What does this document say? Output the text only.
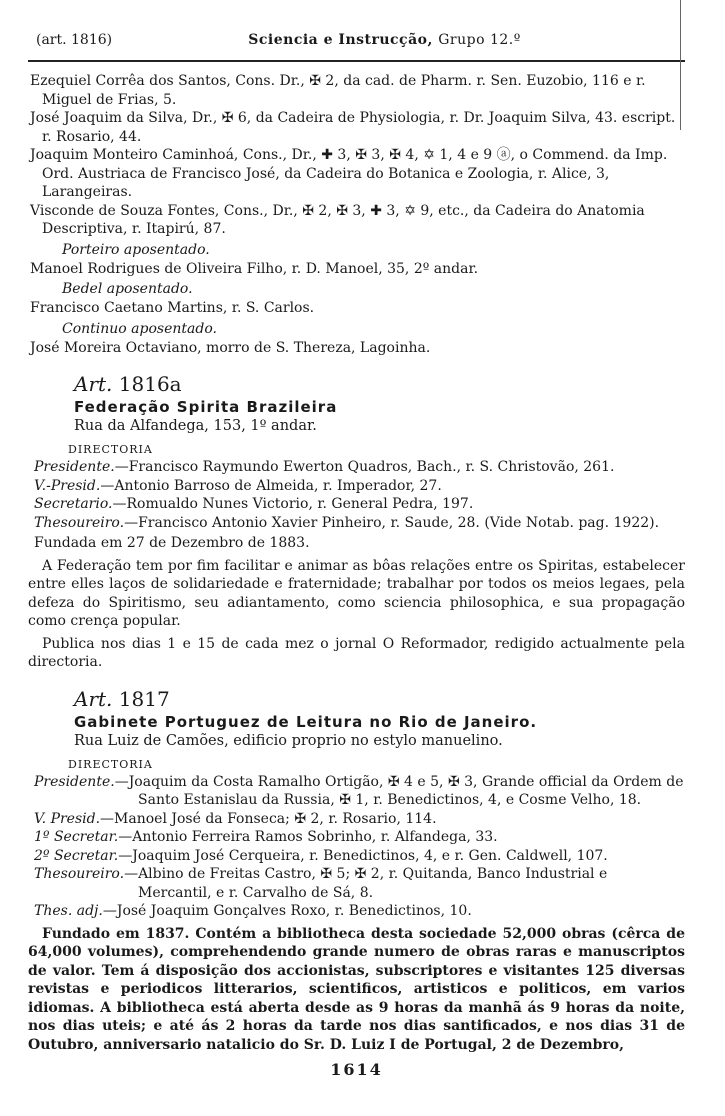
(art. 1816)	Sciencia e Instrucção, Grupo 12.º

Ezequiel Corrêa dos Santos, Cons. Dr., ✠ 2, da cad. de Pharm. r. Sen. Euzobio, 116 e r. Miguel de Frias, 5.

José Joaquim da Silva, Dr., ✠ 6, da Cadeira de Physiologia, r. Dr. Joaquim Silva, 43. escript. r. Rosario, 44.

Joaquim Monteiro Caminhoá, Cons., Dr., ✚ 3, ✠ 3, ✠ 4, ✡ 1, 4 e 9 ⓐ, o Commend. da Imp. Ord. Austriaca de Francisco José, da Cadeira do Botanica e Zoologia, r. Alice, 3, Larangeiras.

Visconde de Souza Fontes, Cons., Dr., ✠ 2, ✠ 3, ✚ 3, ✡ 9, etc., da Cadeira do Anatomia Descriptiva, r. Itapirú, 87.

Porteiro aposentado.

Manoel Rodrigues de Oliveira Filho, r. D. Manoel, 35, 2º andar.

Bedel aposentado.

Francisco Caetano Martins, r. S. Carlos.

Continuo aposentado.

José Moreira Octaviano, morro de S. Thereza, Lagoinha.

Art. 1816a

Federação Spirita Brazileira

Rua da Alfandega, 153, 1º andar.

DIRECTORIA

Presidente.—Francisco Raymundo Ewerton Quadros, Bach., r. S. Christovão, 261.

V.-Presid.—Antonio Barroso de Almeida, r. Imperador, 27.

Secretario.—Romualdo Nunes Victorio, r. General Pedra, 197.

Thesoureiro.—Francisco Antonio Xavier Pinheiro, r. Saude, 28. (Vide Notab. pag. 1922).

Fundada em 27 de Dezembro de 1883.

A Federação tem por fim facilitar e animar as bôas relações entre os Spiritas, estabelecer entre elles laços de solidariedade e fraternidade; trabalhar por todos os meios legaes, pela defeza do Spiritismo, seu adiantamento, como sciencia philosophica, e sua propagação como crença popular.

Publica nos dias 1 e 15 de cada mez o jornal O Reformador, redigido actualmente pela directoria.

Art. 1817

Gabinete Portuguez de Leitura no Rio de Janeiro.

Rua Luiz de Camões, edificio proprio no estylo manuelino.

DIRECTORIA

Presidente.—Joaquim da Costa Ramalho Ortigão, ✠ 4 e 5, ✠ 3, Grande official da Ordem de Santo Estanislau da Russia, ✠ 1, r. Benedictinos, 4, e Cosme Velho, 18.

V. Presid.—Manoel José da Fonseca; ✠ 2, r. Rosario, 114.

1º Secretar.—Antonio Ferreira Ramos Sobrinho, r. Alfandega, 33.

2º Secretar.—Joaquim José Cerqueira, r. Benedictinos, 4, e r. Gen. Caldwell, 107.

Thesoureiro.—Albino de Freitas Castro, ✠ 5; ✠ 2, r. Quitanda, Banco Industrial e Mercantil, e r. Carvalho de Sá, 8.

Thes. adj.—José Joaquim Gonçalves Roxo, r. Benedictinos, 10.

Fundado em 1837. Contém a bibliotheca desta sociedade 52,000 obras (cêrca de 64,000 volumes), comprehendendo grande numero de obras raras e manuscriptos de valor. Tem á disposição dos accionistas, subscriptores e visitantes 125 diversas revistas e periodicos litterarios, scientificos, artisticos e politicos, em varios idiomas. A bibliotheca está aberta desde as 9 horas da manhã ás 9 horas da noite, nos dias uteis; e até ás 2 horas da tarde nos dias santificados, e nos dias 31 de Outubro, anniversario natalicio do Sr. D. Luiz I de Portugal, 2 de Dezembro,

1614
